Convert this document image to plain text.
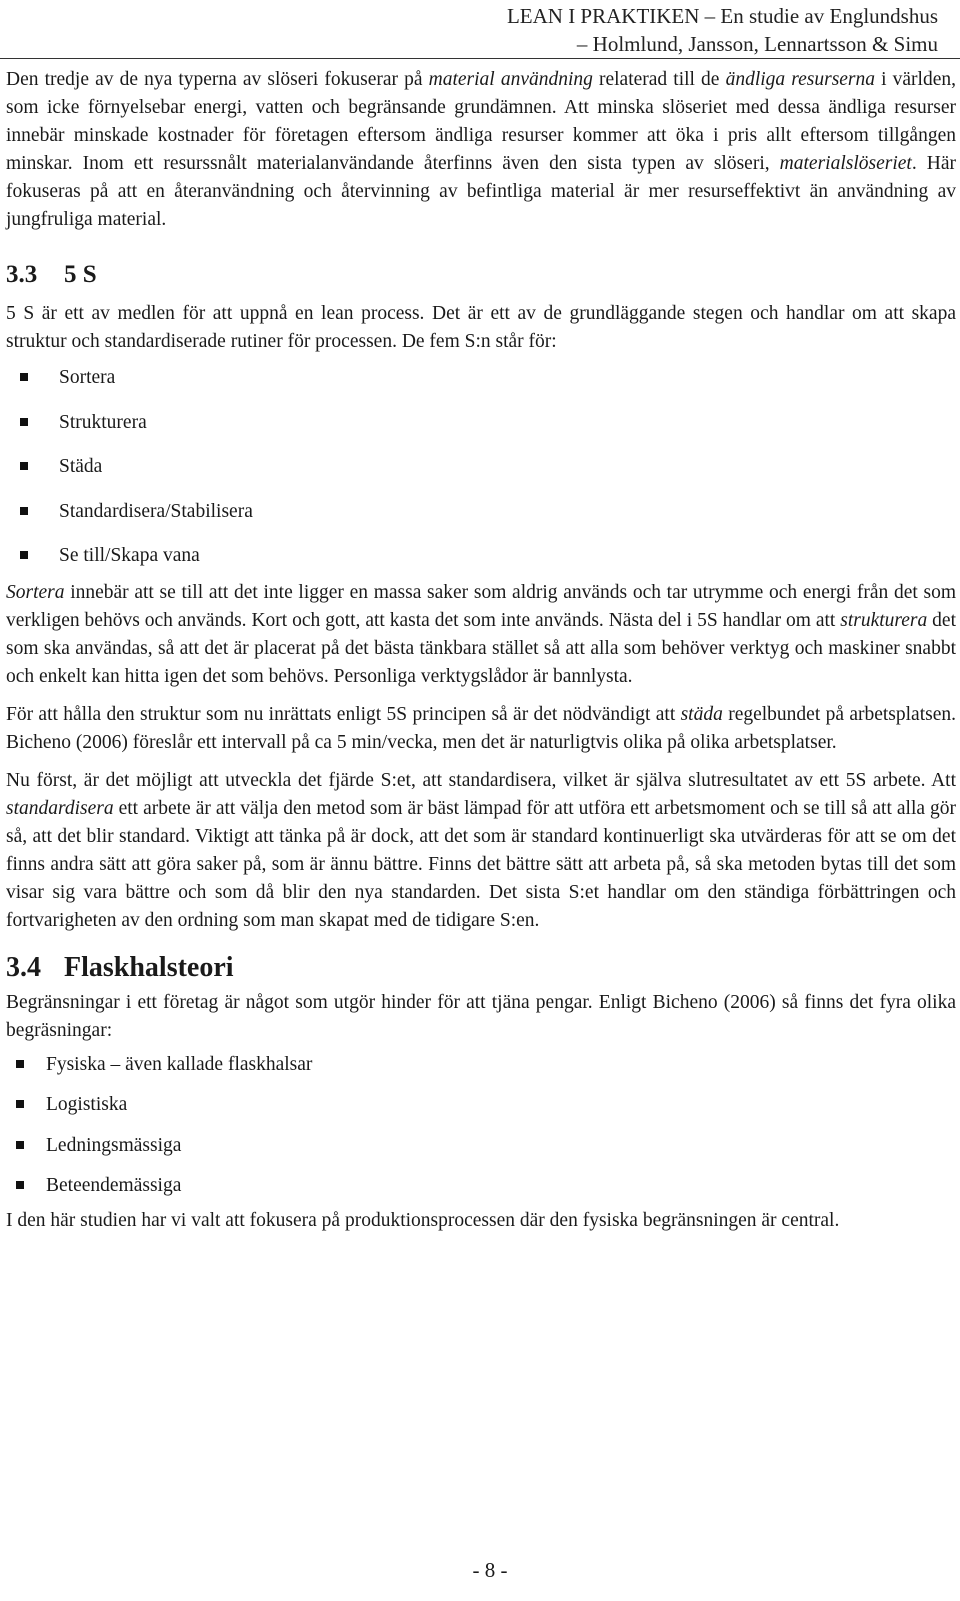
LEAN I PRAKTIKEN – En studie av Englundshus
– Holmlund, Jansson, Lennartsson & Simu

Den tredje av de nya typerna av slöseri fokuserar på material användning relaterad till de ändliga resurserna i världen, som icke förnyelsebar energi, vatten och begränsande grundämnen. Att minska slöseriet med dessa ändliga resurser innebär minskade kostnader för företagen eftersom ändliga resurser kommer att öka i pris allt eftersom tillgången minskar. Inom ett resurssnålt materialanvändande återfinns även den sista typen av slöseri, materialslöseriet. Här fokuseras på att en återanvändning och återvinning av befintliga material är mer resurseffektivt än användning av jungfruliga material.

3.3 5 S

5 S är ett av medlen för att uppnå en lean process. Det är ett av de grundläggande stegen och handlar om att skapa struktur och standardiserade rutiner för processen. De fem S:n står för:

Sortera
Strukturera
Städa
Standardisera/Stabilisera
Se till/Skapa vana

Sortera innebär att se till att det inte ligger en massa saker som aldrig används och tar utrymme och energi från det som verkligen behövs och används. Kort och gott, att kasta det som inte används. Nästa del i 5S handlar om att strukturera det som ska användas, så att det är placerat på det bästa tänkbara stället så att alla som behöver verktyg och maskiner snabbt och enkelt kan hitta igen det som behövs. Personliga verktygslådor är bannlysta.

För att hålla den struktur som nu inrättats enligt 5S principen så är det nödvändigt att städa regelbundet på arbetsplatsen. Bicheno (2006) föreslår ett intervall på ca 5 min/vecka, men det är naturligtvis olika på olika arbetsplatser.

Nu först, är det möjligt att utveckla det fjärde S:et, att standardisera, vilket är själva slutresultatet av ett 5S arbete. Att standardisera ett arbete är att välja den metod som är bäst lämpad för att utföra ett arbetsmoment och se till så att alla gör så, att det blir standard. Viktigt att tänka på är dock, att det som är standard kontinuerligt ska utvärderas för att se om det finns andra sätt att göra saker på, som är ännu bättre. Finns det bättre sätt att arbeta på, så ska metoden bytas till det som visar sig vara bättre och som då blir den nya standarden. Det sista S:et handlar om den ständiga förbättringen och fortvarigheten av den ordning som man skapat med de tidigare S:en.

3.4 Flaskhalsteori

Begränsningar i ett företag är något som utgör hinder för att tjäna pengar. Enligt Bicheno (2006) så finns det fyra olika begräsningar:

Fysiska – även kallade flaskhalsar
Logistiska
Ledningsmässiga
Beteendemässiga

I den här studien har vi valt att fokusera på produktionsprocessen där den fysiska begränsningen är central.

- 8 -
